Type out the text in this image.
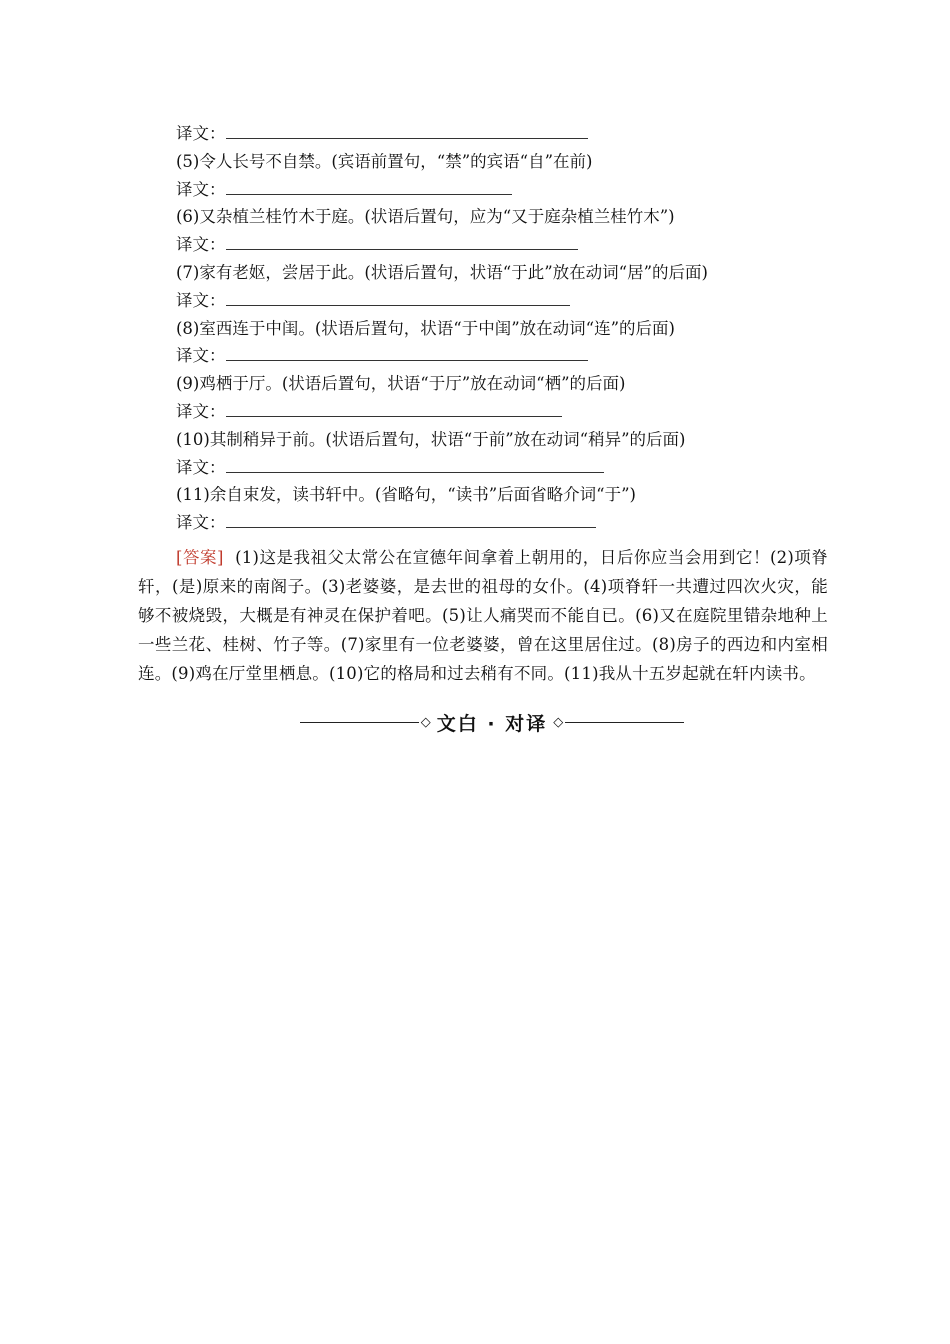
译文：
(5)令人长号不自禁。(宾语前置句，“禁”的宾语“自”在前)
译文：
(6)又杂植兰桂竹木于庭。(状语后置句，应为“又于庭杂植兰桂竹木”)
译文：
(7)家有老妪，尝居于此。(状语后置句，状语“于此”放在动词“居”的后面)
译文：
(8)室西连于中闺。(状语后置句，状语“于中闺”放在动词“连”的后面)
译文：
(9)鸡栖于厅。(状语后置句，状语“于厅”放在动词“栖”的后面)
译文：
(10)其制稍异于前。(状语后置句，状语“于前”放在动词“稍异”的后面)
译文：
(11)余自束发，读书轩中。(省略句，“读书”后面省略介词“于”)
译文：
[答案] (1)这是我祖父太常公在宣德年间拿着上朝用的，日后你应当会用到它！(2)项脊轩，(是)原来的南阁子。(3)老婆婆，是去世的祖母的女仆。(4)项脊轩一共遭过四次火灾，能够不被烧毁，大概是有神灵在保护着吧。(5)让人痛哭而不能自已。(6)又在庭院里错杂地种上一些兰花、桂树、竹子等。(7)家里有一位老婆婆，曾在这里居住过。(8)房子的西边和内室相连。(9)鸡在厅堂里栖息。(10)它的格局和过去稍有不同。(11)我从十五岁起就在轩内读书。
◇ 文白 · 对译 ◇
